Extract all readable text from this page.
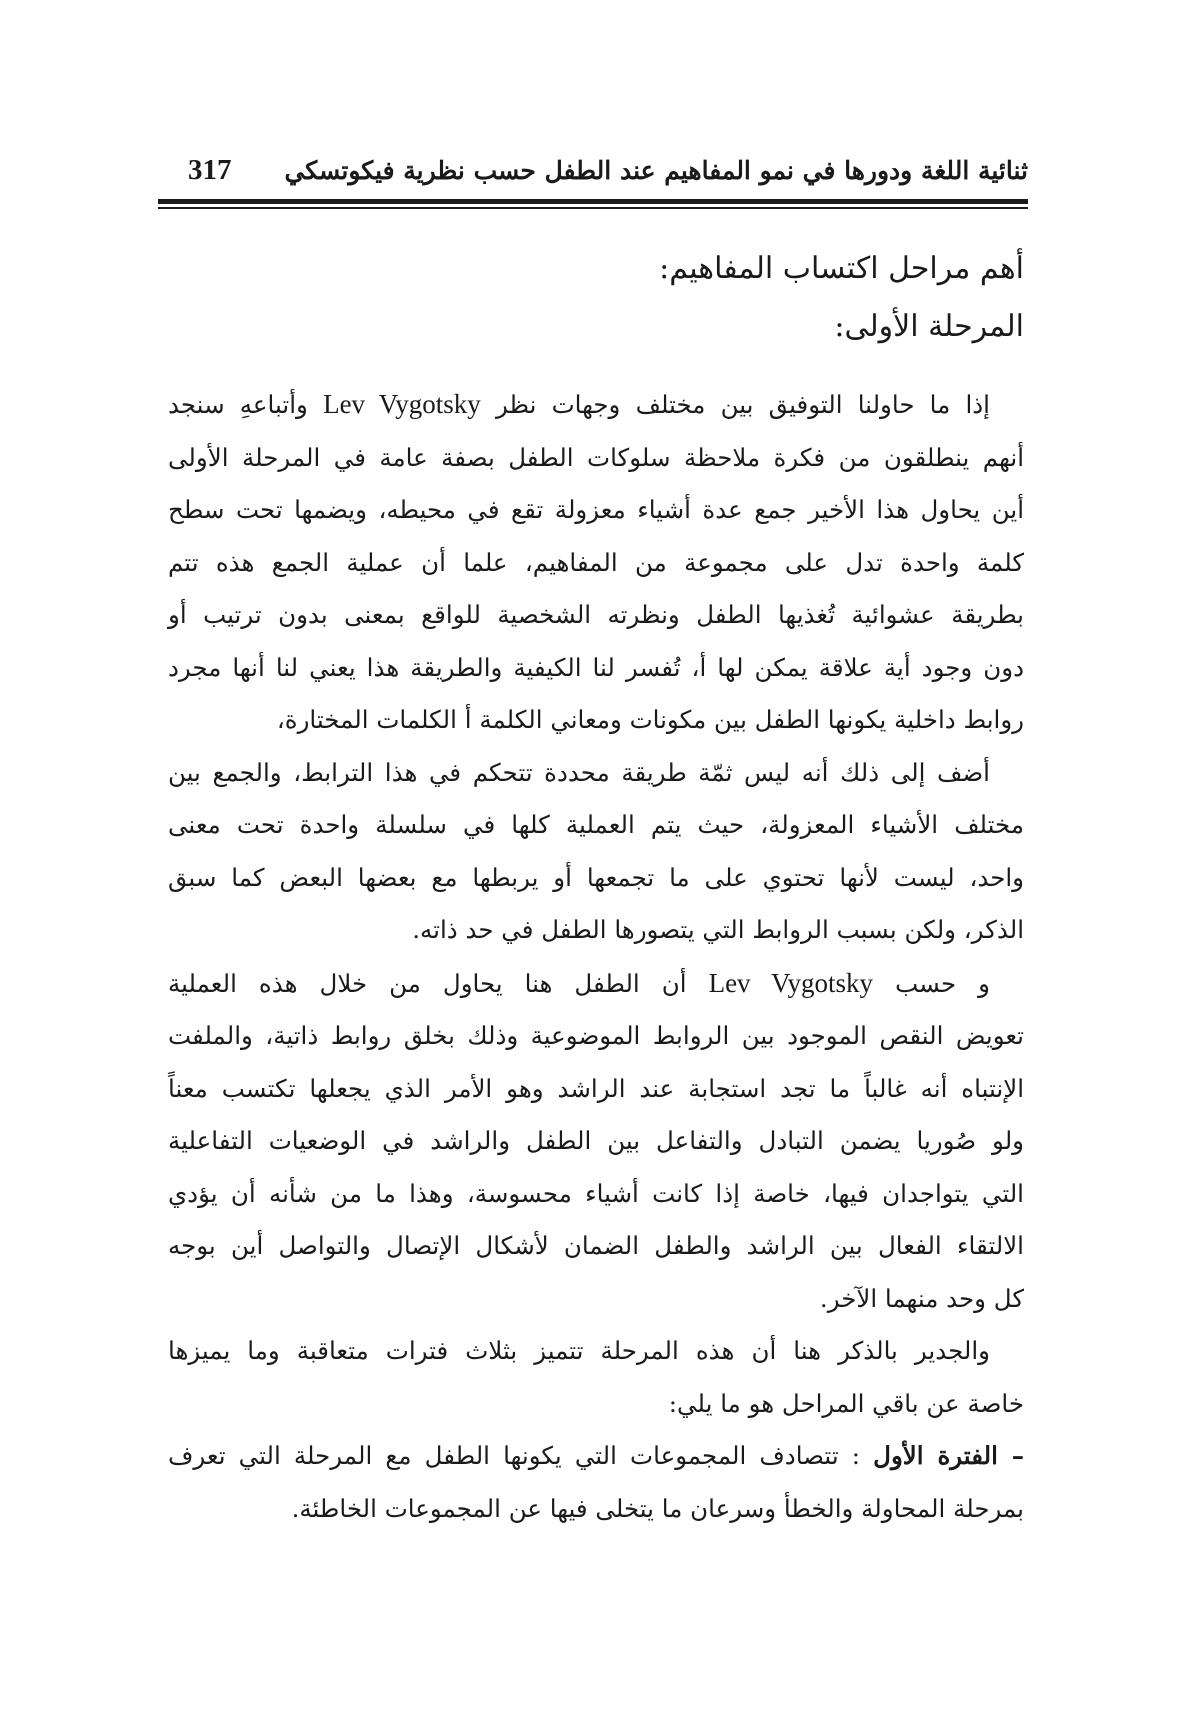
ثنائية اللغة ودورها في نمو المفاهيم عند الطفل حسب نظرية فيكوتسكي
317

أهم مراحل اكتساب المفاهيم:

المرحلة الأولى:

إذا ما حاولنا التوفيق بين مختلف وجهات نظر Lev Vygotsky وأتباعهِ سنجد

أنهم ينطلقون من فكرة ملاحظة سلوكات الطفل بصفة عامة في المرحلة الأولى

أين يحاول هذا الأخير جمع عدة أشياء معزولة تقع في محيطه، ويضمها تحت سطح

كلمة واحدة تدل على مجموعة من المفاهيم، علما أن عملية الجمع هذه تتم

بطريقة عشوائية تُغذيها الطفل ونظرته الشخصية للواقع بمعنى بدون ترتيب أو

دون وجود أية علاقة يمكن لها أ، تُفسر لنا الكيفية والطريقة هذا يعني لنا أنها مجرد

روابط داخلية يكونها الطفل بين مكونات ومعاني الكلمة أ الكلمات المختارة،

أضف إلى ذلك أنه ليس ثمّة طريقة محددة تتحكم في هذا الترابط، والجمع بين

مختلف الأشياء المعزولة، حيث يتم العملية كلها في سلسلة واحدة تحت معنى

واحد، ليست لأنها تحتوي على ما تجمعها أو يربطها مع بعضها البعض كما سبق

الذكر، ولكن بسبب الروابط التي يتصورها الطفل في حد ذاته.

و حسب Lev Vygotsky أن الطفل هنا يحاول من خلال هذه العملية

تعويض النقص الموجود بين الروابط الموضوعية وذلك بخلق روابط ذاتية، والملفت

الإنتباه أنه غالباً ما تجد استجابة عند الراشد وهو الأمر الذي يجعلها تكتسب معناً

ولو صُوريا يضمن التبادل والتفاعل بين الطفل والراشد في الوضعيات التفاعلية

التي يتواجدان فيها، خاصة إذا كانت أشياء محسوسة، وهذا ما من شأنه أن يؤدي

الالتقاء الفعال بين الراشد والطفل الضمان لأشكال الإتصال والتواصل أين بوجه

كل وحد منهما الآخر.

والجدير بالذكر هنا أن هذه المرحلة تتميز بثلاث فترات متعاقبة وما يميزها

خاصة عن باقي المراحل هو ما يلي:

– الفترة الأول : تتصادف المجموعات التي يكونها الطفل مع المرحلة التي تعرف

بمرحلة المحاولة والخطأ وسرعان ما يتخلى فيها عن المجموعات الخاطئة.
